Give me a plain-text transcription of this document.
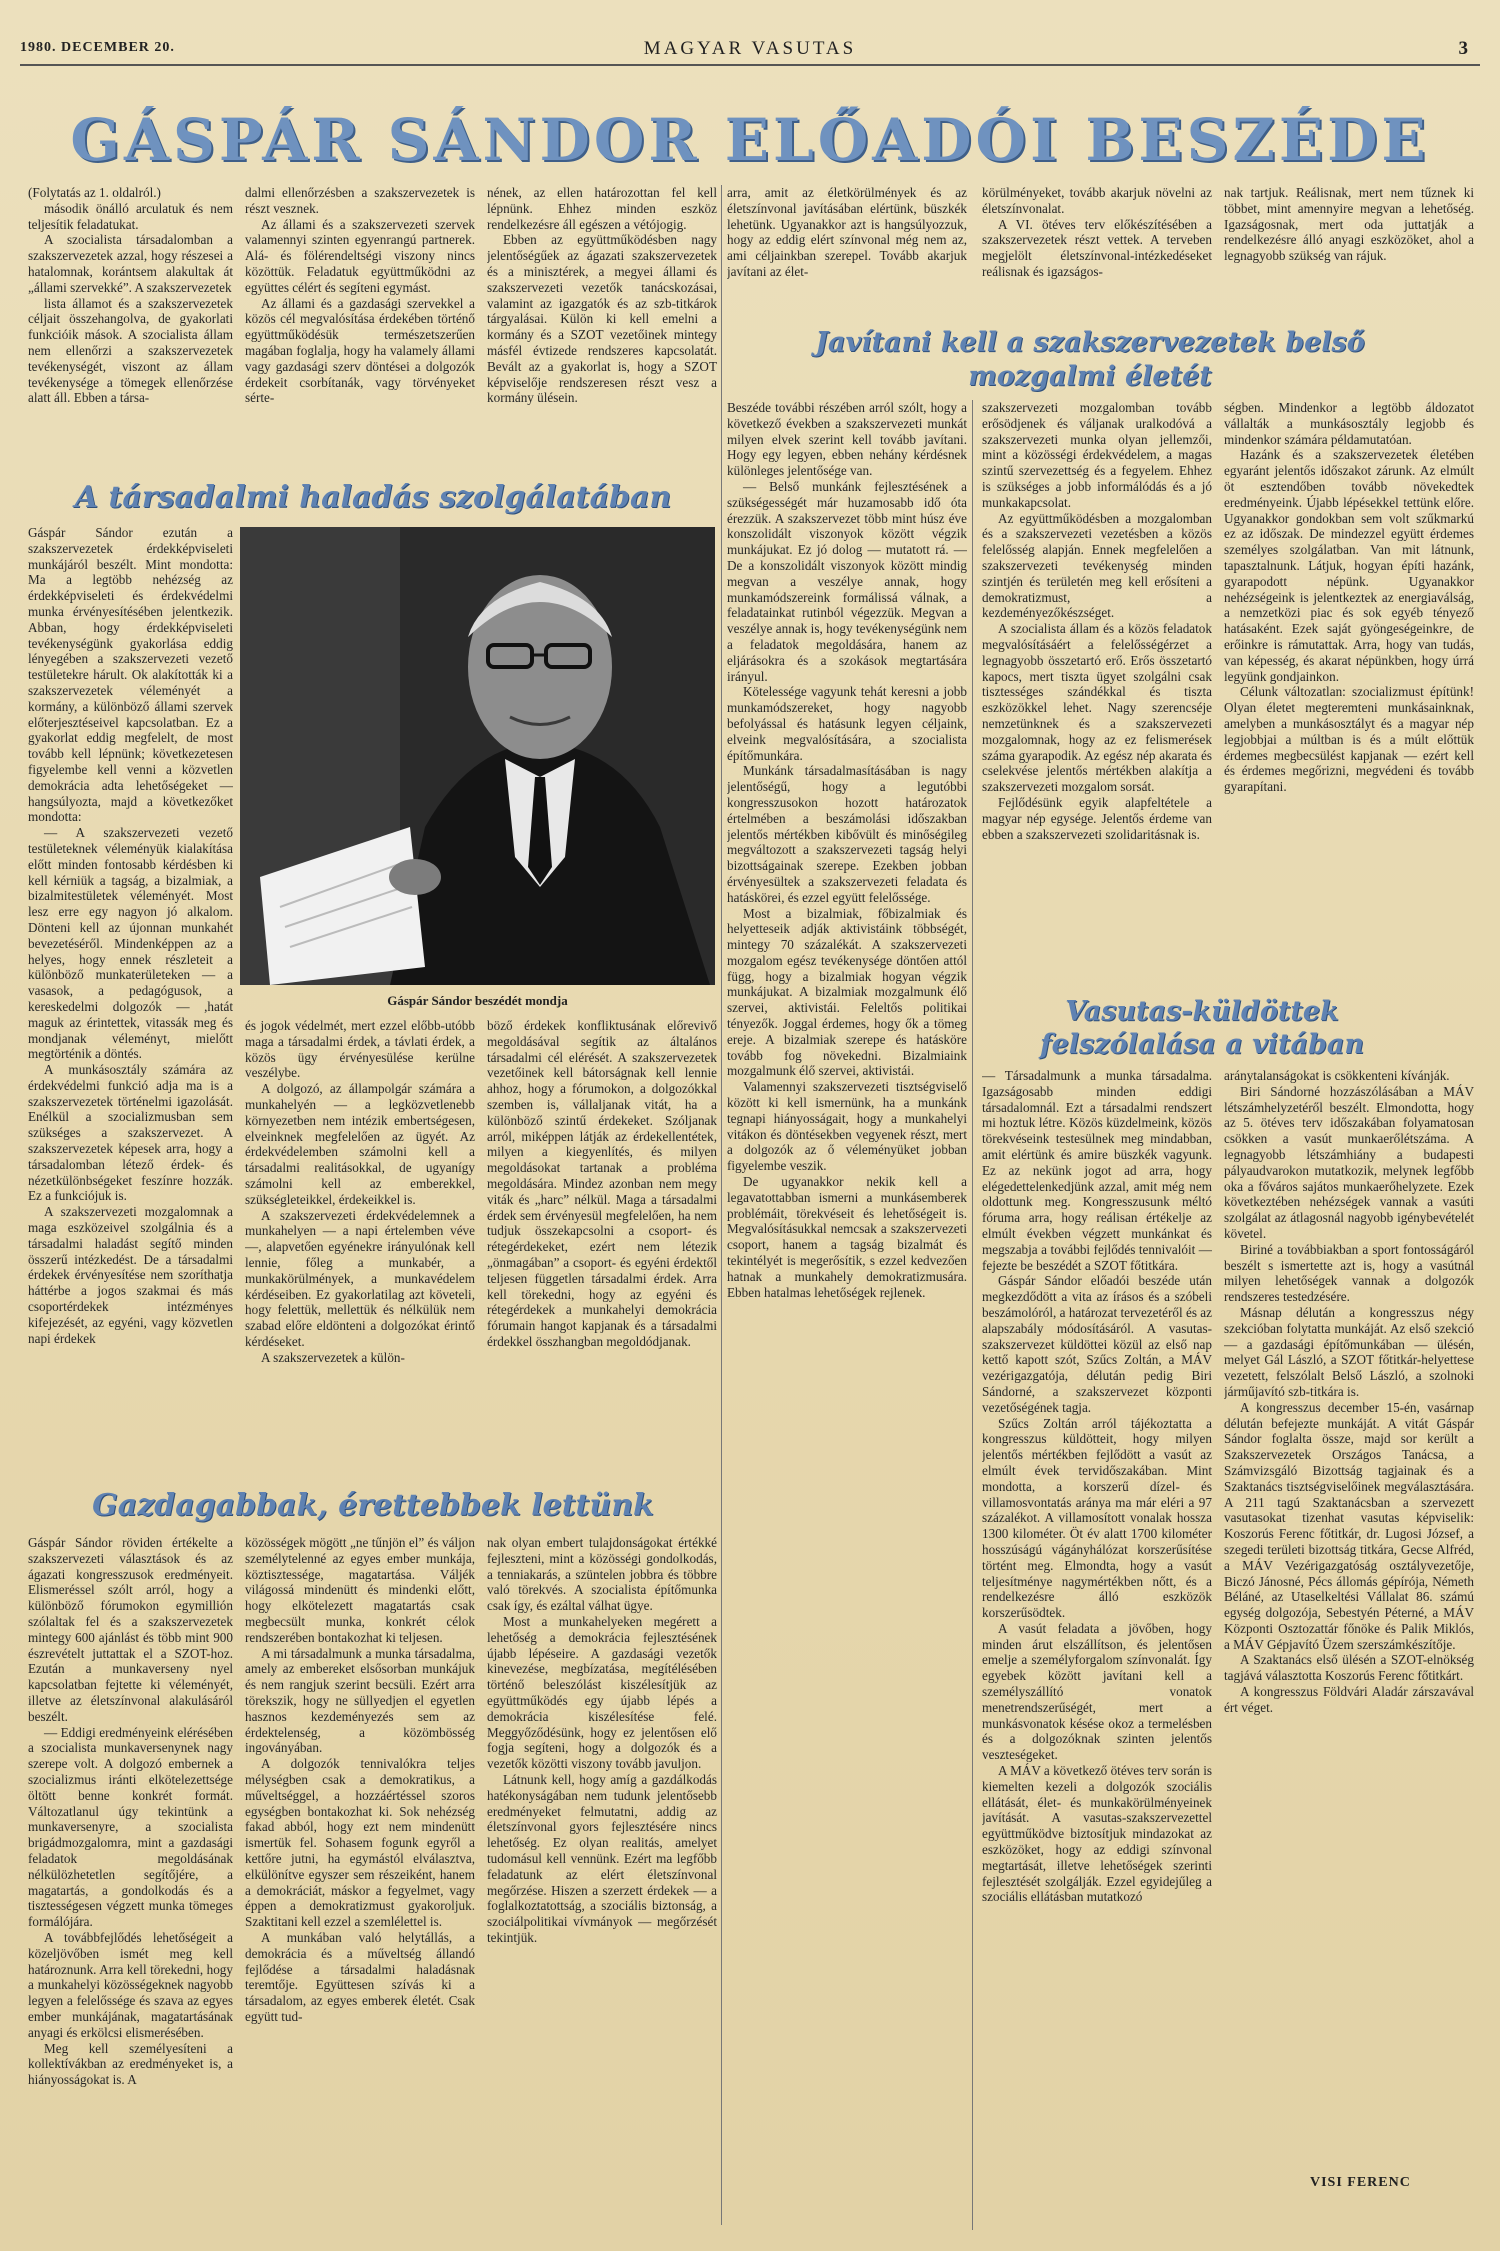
1980. DECEMBER 20.	MAGYAR VASUTAS	3
GÁSPÁR SÁNDOR ELŐADÓI BESZÉDE

(Folytatás az 1. oldalról.)

második önálló arculatuk és nem teljesítik feladatukat.

A szocialista társadalomban a szakszervezetek azzal, hogy részesei a hatalomnak, korántsem alakultak át „állami szervekké”. A szakszervezetek

lista államot és a szakszervezetek céljait összehangolva, de gyakorlati funkcióik mások. A szocialista állam nem ellenőrzi a szakszervezetek tevékenységét, viszont az állam tevékenysége a tömegek ellenőrzése alatt áll. Ebben a társa-

dalmi ellenőrzésben a szakszervezetek is részt vesznek.

Az állami és a szakszervezeti szervek valamennyi szinten egyenrangú partnerek. Alá- és fölérendeltségi viszony nincs közöttük. Feladatuk együttműködni az együttes célért és segíteni egymást.

Az állami és a gazdasági szervekkel a közös cél megvalósítása érdekében történő együttműködésük természetszerűen magában foglalja, hogy ha valamely állami vagy gazdasági szerv döntései a dolgozók érdekeit csorbítanák, vagy törvényeket sérte-

nének, az ellen határozottan fel kell lépnünk. Ehhez minden eszköz rendelkezésre áll egészen a vétójogig.

Ebben az együttműködésben nagy jelentőségűek az ágazati szakszervezetek és a minisztérek, a megyei állami és szakszervezeti vezetők tanácskozásai, valamint az igazgatók és az szb-titkárok tárgyalásai. Külön ki kell emelni a kormány és a SZOT vezetőinek mintegy másfél évtizede rendszeres kapcsolatát. Bevált az a gyakorlat is, hogy a SZOT képviselője rendszeresen részt vesz a kormány ülésein.

arra, amit az életkörülmények és az életszínvonal javításában elértünk, büszkék lehetünk. Ugyanakkor azt is hangsúlyozzuk, hogy az eddig elért színvonal még nem az, ami céljainkban szerepel. Tovább akarjuk javítani az élet-

körülményeket, tovább akarjuk növelni az életszínvonalat.

A VI. ötéves terv előkészítésében a szakszervezetek részt vettek. A terveben megjelölt életszínvonal-intézkedéseket reálisnak és igazságos-

nak tartjuk. Reálisnak, mert nem tűznek ki többet, mint amennyire megvan a lehetőség. Igazságosnak, mert oda juttatják a rendelkezésre álló anyagi eszközöket, ahol a legnagyobb szükség van rájuk.

Javítani kell a szakszervezetek belső mozgalmi életét
A társadalmi haladás szolgálatában

Gáspár Sándor ezután a szakszervezetek érdekképviseleti munkájáról beszélt. Mint mondotta: Ma a legtöbb nehézség az érdekképviseleti és érdekvédelmi munka érvényesítésében jelentkezik. Abban, hogy érdekképviseleti tevékenységünk gyakorlása eddig lényegében a szakszervezeti vezető testületekre hárult. Ok alakították ki a szakszervezetek véleményét a kormány, a különböző állami szervek előterjesztéseivel kapcsolatban. Ez a gyakorlat eddig megfelelt, de most tovább kell lépnünk; következetesen figyelembe kell venni a közvetlen demokrácia adta lehetőségeket — hangsúlyozta, majd a következőket mondotta:

— A szakszervezeti vezető testületeknek véleményük kialakítása előtt minden fontosabb kérdésben ki kell kérniük a tagság, a bizalmiak, a bizalmitestületek véleményét. Most lesz erre egy nagyon jó alkalom. Dönteni kell az újonnan munkahét bevezetéséről. Mindenképpen az a helyes, hogy ennek részleteit a különböző munkaterületeken — a vasasok, a pedagógusok, a kereskedelmi dolgozók — ,hatát maguk az érintettek, vitassák meg és mondjanak véleményt, mielőtt megtörténik a döntés.

A munkásosztály számára az érdekvédelmi funkció adja ma is a szakszervezetek történelmi igazolását. Enélkül a szocializmusban sem szükséges a szakszervezet. A szakszervezetek képesek arra, hogy a társadalomban létező érdek- és nézetkülönbségeket feszínre hozzák. Ez a funkciójuk is.

A szakszervezeti mozgalomnak a maga eszközeivel szolgálnia és a társadalmi haladást segítő minden összerű intézkedést. De a társadalmi érdekek érvényesítése nem szoríthatja háttérbe a jogos szakmai és más csoportérdekek intézményes kifejezését, az egyéni, vagy közvetlen napi érdekek

Gáspár Sándor beszédét mondja

és jogok védelmét, mert ezzel előbb-utóbb maga a társadalmi érdek, a távlati érdek, a közös ügy érvényesülése kerülne veszélybe.

A dolgozó, az állampolgár számára a munkahelyén — a legközvetlenebb környezetben nem intézik embertségesen, elveinknek megfelelően az ügyét. Az érdekvédelemben számolni kell a társadalmi realitásokkal, de ugyanígy számolni kell az emberekkel, szükségleteikkel, érdekeikkel is.

A szakszervezeti érdekvédelemnek a munkahelyen — a napi értelemben véve —, alapvetően egyénekre irányulónak kell lennie, főleg a munkabér, a munkakörülmények, a munkavédelem kérdéseiben. Ez gyakorlatilag azt követeli, hogy felettük, mellettük és nélkülük nem szabad előre eldönteni a dolgozókat érintő kérdéseket.

A szakszervezetek a külön-

böző érdekek konfliktusának előrevivő megoldásával segítik az általános társadalmi cél elérését. A szakszervezetek vezetőinek kell bátorságnak kell lennie ahhoz, hogy a fórumokon, a dolgozókkal szemben is, vállaljanak vitát, ha a különböző szintű érdekeket. Szóljanak arról, miképpen látják az érdekellentétek, milyen a kiegyenlítés, és milyen megoldásokat tartanak a probléma megoldására. Mindez azonban nem megy viták és „harc” nélkül. Maga a társadalmi érdek sem érvényesül megfelelően, ha nem tudjuk összekapcsolni a csoport- és rétegérdekeket, ezért nem létezik „önmagában” a csoport- és egyéni érdektől teljesen független társadalmi érdek. Arra kell törekedni, hogy az egyéni és rétegérdekek a munkahelyi demokrácia fórumain hangot kapjanak és a társadalmi érdekkel összhangban megoldódjanak.

Beszéde további részében arról szólt, hogy a következő években a szakszervezeti munkát milyen elvek szerint kell tovább javítani. Hogy egy legyen, ebben nehány kérdésnek különleges jelentősége van.

— Belső munkánk fejlesztésének a szükségességét már huzamosabb idő óta érezzük. A szakszervezet több mint húsz éve konszolidált viszonyok között végzik munkájukat. Ez jó dolog — mutatott rá. — De a konszolidált viszonyok között mindig megvan a veszélye annak, hogy munkamódszereink formálissá válnak, a feladatainkat rutinból végezzük. Megvan a veszélye annak is, hogy tevékenységünk nem a feladatok megoldására, hanem az eljárásokra és a szokások megtartására irányul.

Kötelessége vagyunk tehát keresni a jobb munkamódszereket, hogy nagyobb befolyással és hatásunk legyen céljaink, elveink megvalósítására, a szocialista építőmunkára.

Munkánk társadalmasításában is nagy jelentőségű, hogy a legutóbbi kongresszusokon hozott határozatok értelmében a beszámolási időszakban jelentős mértékben kibővült és minőségileg megváltozott a szakszervezeti tagság helyi bizottságainak szerepe. Ezekben jobban érvényesültek a szakszervezeti feladata és hatáskörei, és ezzel együtt felelőssége.

Most a bizalmiak, főbizalmiak és helyetteseik adják aktivistáink többségét, mintegy 70 százalékát. A szakszervezeti mozgalom egész tevékenysége döntően attól függ, hogy a bizalmiak hogyan végzik munkájukat. A bizalmiak mozgalmunk élő szervei, aktivistái. Feleltős politikai tényezők. Joggal érdemes, hogy ők a tömeg ereje. A bizalmiak szerepe és hatásköre tovább fog növekedni. Bizalmiaink mozgalmunk élő szervei, aktivistái.

Valamennyi szakszervezeti tisztségviselő között ki kell ismernünk, ha a munkánk tegnapi hiányosságait, hogy a munkahelyi vitákon és döntésekben vegyenek részt, mert a dolgozók az ő véleményüket jobban figyelembe veszik.

De ugyanakkor nekik kell a legavatottabban ismerni a munkásemberek problémáit, törekvéseit és lehetőségeit is. Megvalósításukkal nemcsak a szakszervezeti csoport, hanem a tagság bizalmát és tekintélyét is megerősítik, s ezzel kedvezően hatnak a munkahely demokratizmusára. Ebben hatalmas lehetőségek rejlenek.

szakszervezeti mozgalomban tovább erősödjenek és váljanak uralkodóvá a szakszervezeti munka olyan jellemzői, mint a közösségi érdekvédelem, a magas szintű szervezettség és a fegyelem. Ehhez is szükséges a jobb informálódás és a jó munkakapcsolat.

Az együttműködésben a mozgalomban és a szakszervezeti vezetésben a közös felelősség alapján. Ennek megfelelően a szakszervezeti tevékenység minden szintjén és területén meg kell erősíteni a demokratizmust, a kezdeményezőkészséget.

A szocialista állam és a közös feladatok megvalósításáért a felelősségérzet a legnagyobb összetartó erő. Erős összetartó kapocs, mert tiszta ügyet szolgálni csak tisztességes szándékkal és tiszta eszközökkel lehet. Nagy szerencséje nemzetünknek és a szakszervezeti mozgalomnak, hogy az ez felismerések száma gyarapodik. Az egész nép akarata és cselekvése jelentős mértékben alakítja a szakszervezeti mozgalom sorsát.

Fejlődésünk egyik alapfeltétele a magyar nép egysége. Jelentős érdeme van ebben a szakszervezeti szolidaritásnak is.

ségben. Mindenkor a legtöbb áldozatot vállalták a munkásosztály legjobb és mindenkor számára példamutatóan.

Hazánk és a szakszervezetek életében egyaránt jelentős időszakot zárunk. Az elmúlt öt esztendőben tovább növekedtek eredményeink. Újabb lépésekkel tettünk előre. Ugyanakkor gondokban sem volt szűkmarkú ez az időszak. De mindezzel együtt érdemes személyes szolgálatban. Van mit látnunk, tapasztalnunk. Látjuk, hogyan építi hazánk, gyarapodott népünk. Ugyanakkor nehézségeink is jelentkeztek az energiaválság, a nemzetközi piac és sok egyéb tényező hatásaként. Ezek saját gyöngeségeinkre, de erőinkre is rámutattak. Arra, hogy van tudás, van képesség, és akarat népünkben, hogy úrrá legyünk gondjainkon.

Célunk változatlan: szocializmust építünk! Olyan életet megteremteni munkásainknak, amelyben a munkásosztályt és a magyar nép legjobbjai a múltban is és a múlt előttük érdemes megbecsülést kapjanak — ezért kell és érdemes megőrizni, megvédeni és tovább gyarapítani.

Vasutas-küldöttek felszólalása a vitában

— Társadalmunk a munka társadalma. Igazságosabb minden eddigi társadalomnál. Ezt a társadalmi rendszert mi hoztuk létre. Közös küzdelmeink, közös törekvéseink testesülnek meg mindabban, amit elértünk és amire büszkék vagyunk. Ez az nekünk jogot ad arra, hogy elégedettelenkedjünk azzal, amit még nem oldottunk meg. Kongresszusunk méltó fóruma arra, hogy reálisan értékelje az elmúlt években végzett munkánkat és megszabja a további fejlődés tennivalóit — fejezte be beszédét a SZOT főtitkára.

Gáspár Sándor előadói beszéde után megkezdődött a vita az írásos és a szóbeli beszámolóról, a határozat tervezetéről és az alapszabály módosításáról. A vasutas-szakszervezet küldöttei közül az első nap kettő kapott szót, Szűcs Zoltán, a MÁV vezérigazgatója, délután pedig Biri Sándorné, a szakszervezet központi vezetőségének tagja.

Szűcs Zoltán arról tájékoztatta a kongresszus küldötteit, hogy milyen jelentős mértékben fejlődött a vasút az elmúlt évek tervidőszakában. Mint mondotta, a korszerű dízel- és villamosvontatás aránya ma már eléri a 97 százalékot. A villamosított vonalak hossza 1300 kilométer. Öt év alatt 1700 kilométer hosszúságú vágányhálózat korszerűsítése történt meg. Elmondta, hogy a vasút teljesítménye nagymértékben nőtt, és a rendelkezésre álló eszközök korszerűsödtek.

A vasút feladata a jövőben, hogy minden árut elszállítson, és jelentősen emelje a személyforgalom színvonalát. Így egyebek között javítani kell a személyszállító vonatok menetrendszerűségét, mert a munkásvonatok késése okoz a termelésben és a dolgozóknak szinten jelentős veszteségeket.

A MÁV a következő ötéves terv során is kiemelten kezeli a dolgozók szociális ellátását, élet- és munkakörülményeinek javítását. A vasutas-szakszervezettel együttműködve biztosítjuk mindazokat az eszközöket, hogy az eddigi színvonal megtartását, illetve lehetőségek szerinti fejlesztését szolgálják. Ezzel egyidejűleg a szociális ellátásban mutatkozó

aránytalanságokat is csökkenteni kívánják.

Biri Sándorné hozzászólásában a MÁV létszámhelyzetéről beszélt. Elmondotta, hogy az 5. ötéves terv időszakában folyamatosan csökken a vasút munkaerőlétszáma. A legnagyobb létszámhiány a budapesti pályaudvarokon mutatkozik, melynek legfőbb oka a főváros sajátos munkaerőhelyzete. Ezek következtében nehézségek vannak a vasúti szolgálat az átlagosnál nagyobb igénybevételét követel.

Biriné a továbbiakban a sport fontosságáról beszélt s ismertette azt is, hogy a vasútnál milyen lehetőségek vannak a dolgozók rendszeres testedzésére.

Másnap délután a kongresszus négy szekcióban folytatta munkáját. Az első szekció — a gazdasági építőmunkában — ülésén, melyet Gál László, a SZOT főtitkár-helyettese vezetett, felszólalt Belső László, a szolnoki járműjavító szb-titkára is.

A kongresszus december 15-én, vasárnap délután befejezte munkáját. A vitát Gáspár Sándor foglalta össze, majd sor került a Szakszervezetek Országos Tanácsa, a Számvizsgáló Bizottság tagjainak és a Szaktanács tisztségviselőinek megválasztására. A 211 tagú Szaktanácsban a szervezett vasutasokat tizenhat vasutas képviselik: Koszorús Ferenc főtitkár, dr. Lugosi József, a szegedi területi bizottság titkára, Gecse Alfréd, a MÁV Vezérigazgatóság osztályvezetője, Biczó Jánosné, Pécs állomás gépírója, Németh Béláné, az Utaselkeltési Vállalat 86. számú egység dolgozója, Sebestyén Péterné, a MÁV Központi Osztozattár főnöke és Palik Miklós, a MÁV Gépjavító Üzem szerszámkészítője.

A Szaktanács első ülésén a SZOT-elnökség tagjává választotta Koszorús Ferenc főtitkárt.

A kongresszus Földvári Aladár zárszavával ért véget.

VISI FERENC
Gazdagabbak, érettebbek lettünk

Gáspár Sándor röviden értékelte a szakszervezeti választások és az ágazati kongresszusok eredményeit. Elismeréssel szólt arról, hogy a különböző fórumokon egymillión szólaltak fel és a szakszervezetek mintegy 600 ajánlást és több mint 900 észrevételt juttattak el a SZOT-hoz. Ezután a munkaverseny nyel kapcsolatban fejtette ki véleményét, illetve az életszínvonal alakulásáról beszélt.

— Eddigi eredményeink elérésében a szocialista munkaversenynek nagy szerepe volt. A dolgozó embernek a szocializmus iránti elkötelezettsége öltött benne konkrét formát. Változatlanul úgy tekintünk a munkaversenyre, a szocialista brigádmozgalomra, mint a gazdasági feladatok megoldásának nélkülözhetetlen segítőjére, a magatartás, a gondolkodás és a tisztességesen végzett munka tömeges formálójára.

A továbbfejlődés lehetőségeit a közeljövőben ismét meg kell határoznunk. Arra kell törekedni, hogy a munkahelyi közösségeknek nagyobb legyen a felelőssége és szava az egyes ember munkájának, magatartásának anyagi és erkölcsi elismerésében.

Meg kell személyesíteni a kollektívákban az eredményeket is, a hiányosságokat is. A

közösségek mögött „ne tűnjön el” és váljon személytelenné az egyes ember munkája, köztisztessége, magatartása. Váljék világossá mindenütt és mindenki előtt, hogy elkötelezett magatartás csak megbecsült munka, konkrét célok rendszerében bontakozhat ki teljesen.

A mi társadalmunk a munka társadalma, amely az embereket elsősorban munkájuk és nem rangjuk szerint becsüli. Ezért arra törekszik, hogy ne süllyedjen el egyetlen hasznos kezdeményezés sem az érdektelenség, a közömbösség ingoványában.

A dolgozók tennivalókra teljes mélységben csak a demokratikus, a műveltséggel, a hozzáértéssel szoros egységben bontakozhat ki. Sok nehézség fakad abból, hogy ezt nem mindenütt ismertük fel. Sohasem fogunk egyről a kettőre jutni, ha egymástól elválasztva, elkülönítve egyszer sem részeiként, hanem a demokráciát, máskor a fegyelmet, vagy éppen a demokratizmust gyakoroljuk. Szaktitani kell ezzel a szemlélettel is.

A munkában való helytállás, a demokrácia és a műveltség állandó fejlődése a társadalmi haladásnak teremtője. Együttesen szívás ki a társadalom, az egyes emberek életét. Csak együtt tud-

nak olyan embert tulajdonságokat értékké fejleszteni, mint a közösségi gondolkodás, a tenniakarás, a szüntelen jobbra és többre való törekvés. A szocialista építőmunka csak így, és ezáltal válhat ügye.

Most a munkahelyeken megérett a lehetőség a demokrácia fejlesztésének újabb lépéseire. A gazdasági vezetők kinevezése, megbízatása, megítélésében történő beleszólást kiszélesítjük az együttműködés egy újabb lépés a demokrácia kiszélesítése felé. Meggyőződésünk, hogy ez jelentősen elő fogja segíteni, hogy a dolgozók és a vezetők közötti viszony tovább javuljon.

Látnunk kell, hogy amíg a gazdálkodás hatékonyságában nem tudunk jelentősebb eredményeket felmutatni, addig az életszínvonal gyors fejlesztésére nincs lehetőség. Ez olyan realitás, amelyet tudomásul kell vennünk. Ezért ma legfőbb feladatunk az elért életszínvonal megőrzése. Hiszen a szerzett érdekek — a foglalkoztatottság, a szociális biztonság, a szociálpolitikai vívmányok — megőrzését tekintjük.
